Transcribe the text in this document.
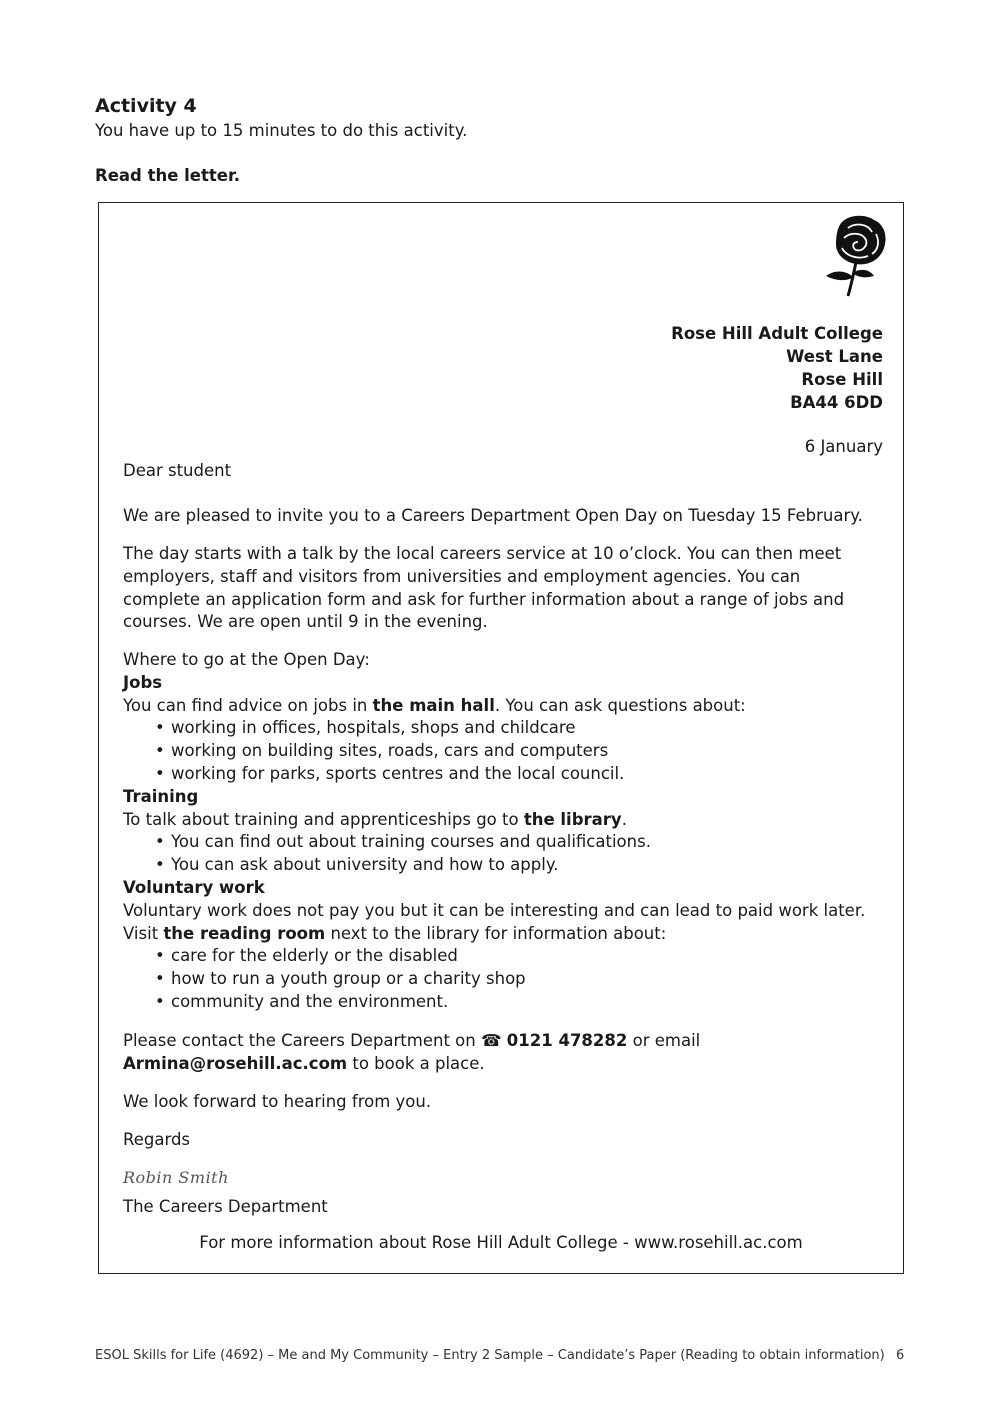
Activity 4
You have up to 15 minutes to do this activity.
Read the letter.
Rose Hill Adult College
West Lane
Rose Hill
BA44 6DD
6 January
Dear student
We are pleased to invite you to a Careers Department Open Day on Tuesday 15 February.
The day starts with a talk by the local careers service at 10 o’clock. You can then meet
employers, staff and visitors from universities and employment agencies. You can
complete an application form and ask for further information about a range of jobs and
courses. We are open until 9 in the evening.
Where to go at the Open Day:
Jobs
You can find advice on jobs in the main hall. You can ask questions about:
• working in offices, hospitals, shops and childcare
• working on building sites, roads, cars and computers
• working for parks, sports centres and the local council.
Training
To talk about training and apprenticeships go to the library.
• You can find out about training courses and qualifications.
• You can ask about university and how to apply.
Voluntary work
Voluntary work does not pay you but it can be interesting and can lead to paid work later.
Visit the reading room next to the library for information about:
• care for the elderly or the disabled
• how to run a youth group or a charity shop
• community and the environment.
Please contact the Careers Department on ☎ 0121 478282 or email
Armina@rosehill.ac.com to book a place.
We look forward to hearing from you.
Regards
Robin Smith
The Careers Department
For more information about Rose Hill Adult College - www.rosehill.ac.com
ESOL Skills for Life (4692) – Me and My Community – Entry 2 Sample – Candidate’s Paper (Reading to obtain information) 6
